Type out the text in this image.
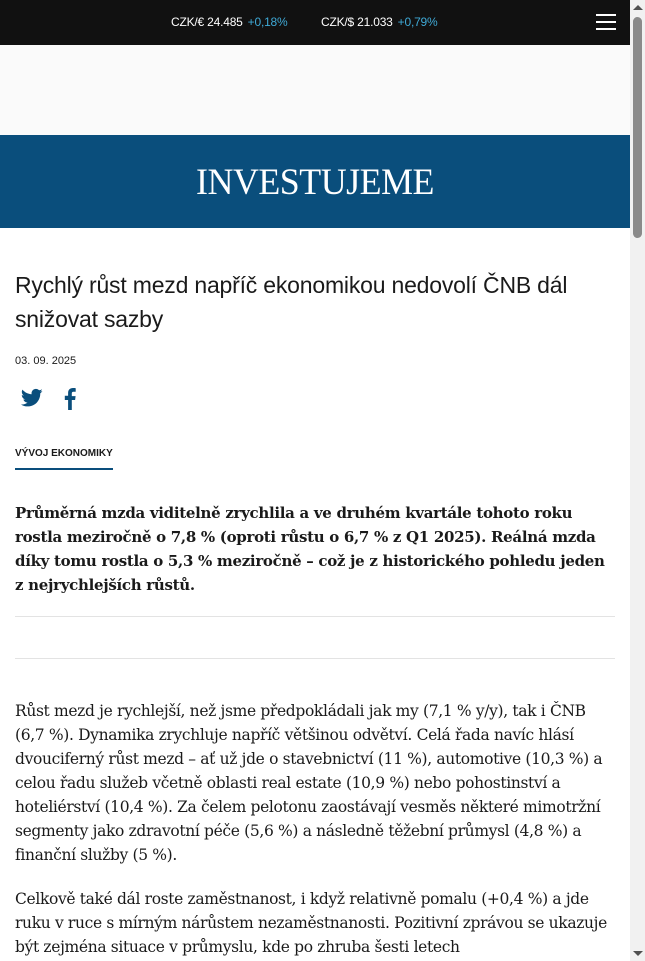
CZK/€ 24.485 +0,18%	CZK/$ 21.033 +0,79%
INVESTUJEME
Rychlý růst mezd napříč ekonomikou nedovolí ČNB dál snižovat sazby
03. 09. 2025
VÝVOJ EKONOMIKY

Průměrná mzda viditelně zrychlila a ve druhém kvartále tohoto roku rostla meziročně o 7,8 % (oproti růstu o 6,7 % z Q1 2025). Reálná mzda díky tomu rostla o 5,3 % meziročně – což je z historického pohledu jeden z nejrychlejších růstů.

Růst mezd je rychlejší, než jsme předpokládali jak my (7,1 % y/y), tak i ČNB (6,7 %). Dynamika zrychluje napříč většinou odvětví. Celá řada navíc hlásí dvouciferný růst mezd – ať už jde o stavebnictví (11 %), automotive (10,3 %) a celou řadu služeb včetně oblasti real estate (10,9 %) nebo pohostinství a hoteliérství (10,4 %). Za čelem pelotonu zaostávají vesměs některé mimotržní segmenty jako zdravotní péče (5,6 %) a následně těžební průmysl (4,8 %) a finanční služby (5 %).

Celkově také dál roste zaměstnanost, i když relativně pomalu (+0,4 %) a jde ruku v ruce s mírným nárůstem nezaměstnanosti. Pozitivní zprávou se ukazuje být zejména situace v průmyslu, kde po zhruba šesti letech
